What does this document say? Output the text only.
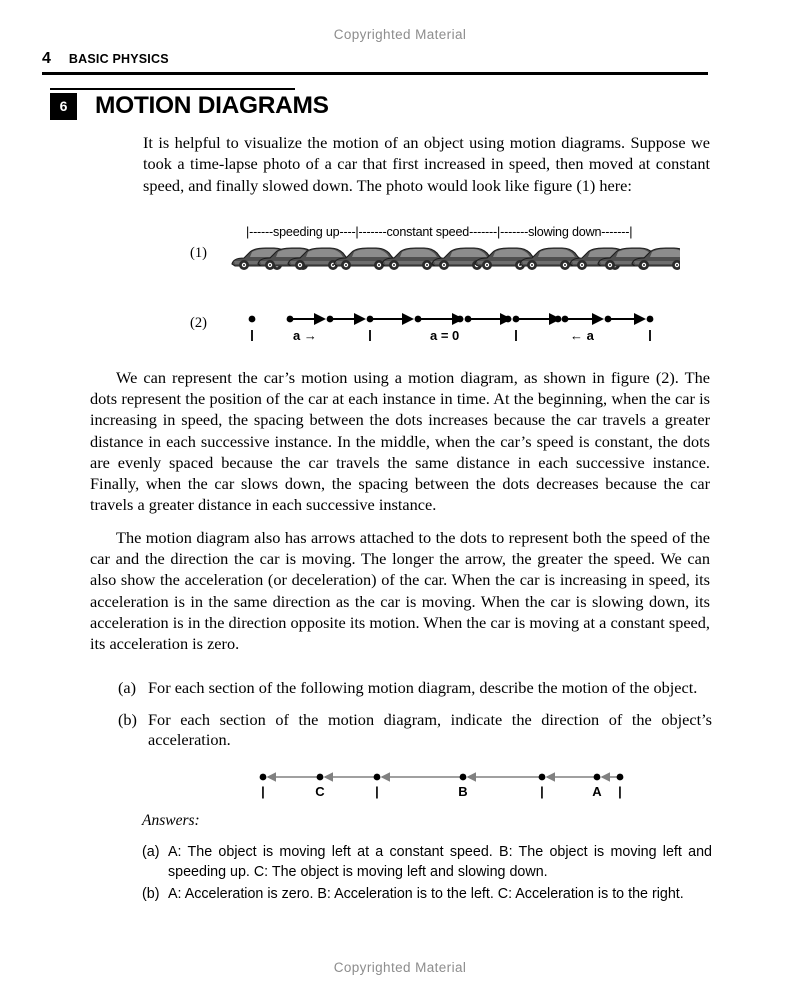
Copyrighted Material
4 BASIC PHYSICS
6	MOTION DIAGRAMS

It is helpful to visualize the motion of an object using motion diagrams. Suppose we took a time-lapse photo of a car that first increased in speed, then moved at constant speed, and finally slowed down. The photo would look like figure (1) here:

(1)
|------speeding up----|-------constant speed-------|-------slowing down-------|
(2)
a →	a = 0	← a

We can represent the car’s motion using a motion diagram, as shown in figure (2). The dots represent the position of the car at each instance in time. At the beginning, when the car is increasing in speed, the spacing between the dots increases because the car travels a greater distance in each successive instance. In the middle, when the car’s speed is constant, the dots are evenly spaced because the car travels the same distance in each successive instance. Finally, when the car slows down, the spacing between the dots decreases because the car travels a greater distance in each successive instance.

The motion diagram also has arrows attached to the dots to represent both the speed of the car and the direction the car is moving. The longer the arrow, the greater the speed. We can also show the acceleration (or deceleration) of the car. When the car is increasing in speed, its acceleration is in the same direction as the car is moving. When the car is slowing down, its acceleration is in the direction opposite its motion. When the car is moving at a constant speed, its acceleration is zero.

(a) For each section of the following motion diagram, describe the motion of the object.
(b) For each section of the motion diagram, indicate the direction of the object’s acceleration.
|	C	|	B	|	A |
Answers:
(a) A: The object is moving left at a constant speed. B: The object is moving left and speeding up. C: The object is moving left and slowing down.
(b) A: Acceleration is zero. B: Acceleration is to the left. C: Acceleration is to the right.
Copyrighted Material
